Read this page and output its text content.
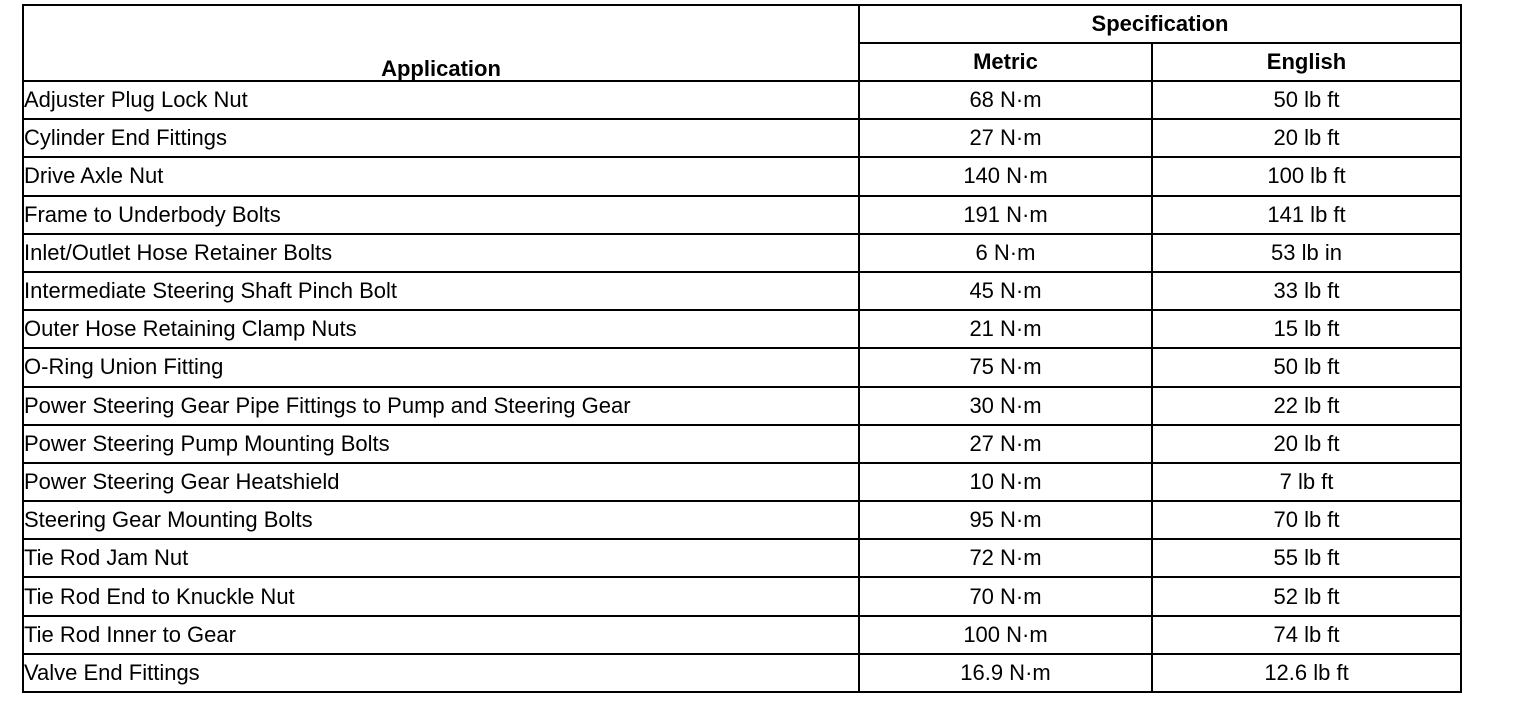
Application	Specification	
	Metric	English
Adjuster Plug Lock Nut	68 N·m	50 lb ft
Cylinder End Fittings	27 N·m	20 lb ft
Drive Axle Nut	140 N·m	100 lb ft
Frame to Underbody Bolts	191 N·m	141 lb ft
Inlet/Outlet Hose Retainer Bolts	6 N·m	53 lb in
Intermediate Steering Shaft Pinch Bolt	45 N·m	33 lb ft
Outer Hose Retaining Clamp Nuts	21 N·m	15 lb ft
O-Ring Union Fitting	75 N·m	50 lb ft
Power Steering Gear Pipe Fittings to Pump and Steering Gear	30 N·m	22 lb ft
Power Steering Pump Mounting Bolts	27 N·m	20 lb ft
Power Steering Gear Heatshield	10 N·m	7 lb ft
Steering Gear Mounting Bolts	95 N·m	70 lb ft
Tie Rod Jam Nut	72 N·m	55 lb ft
Tie Rod End to Knuckle Nut	70 N·m	52 lb ft
Tie Rod Inner to Gear	100 N·m	74 lb ft
Valve End Fittings	16.9 N·m	12.6 lb ft
